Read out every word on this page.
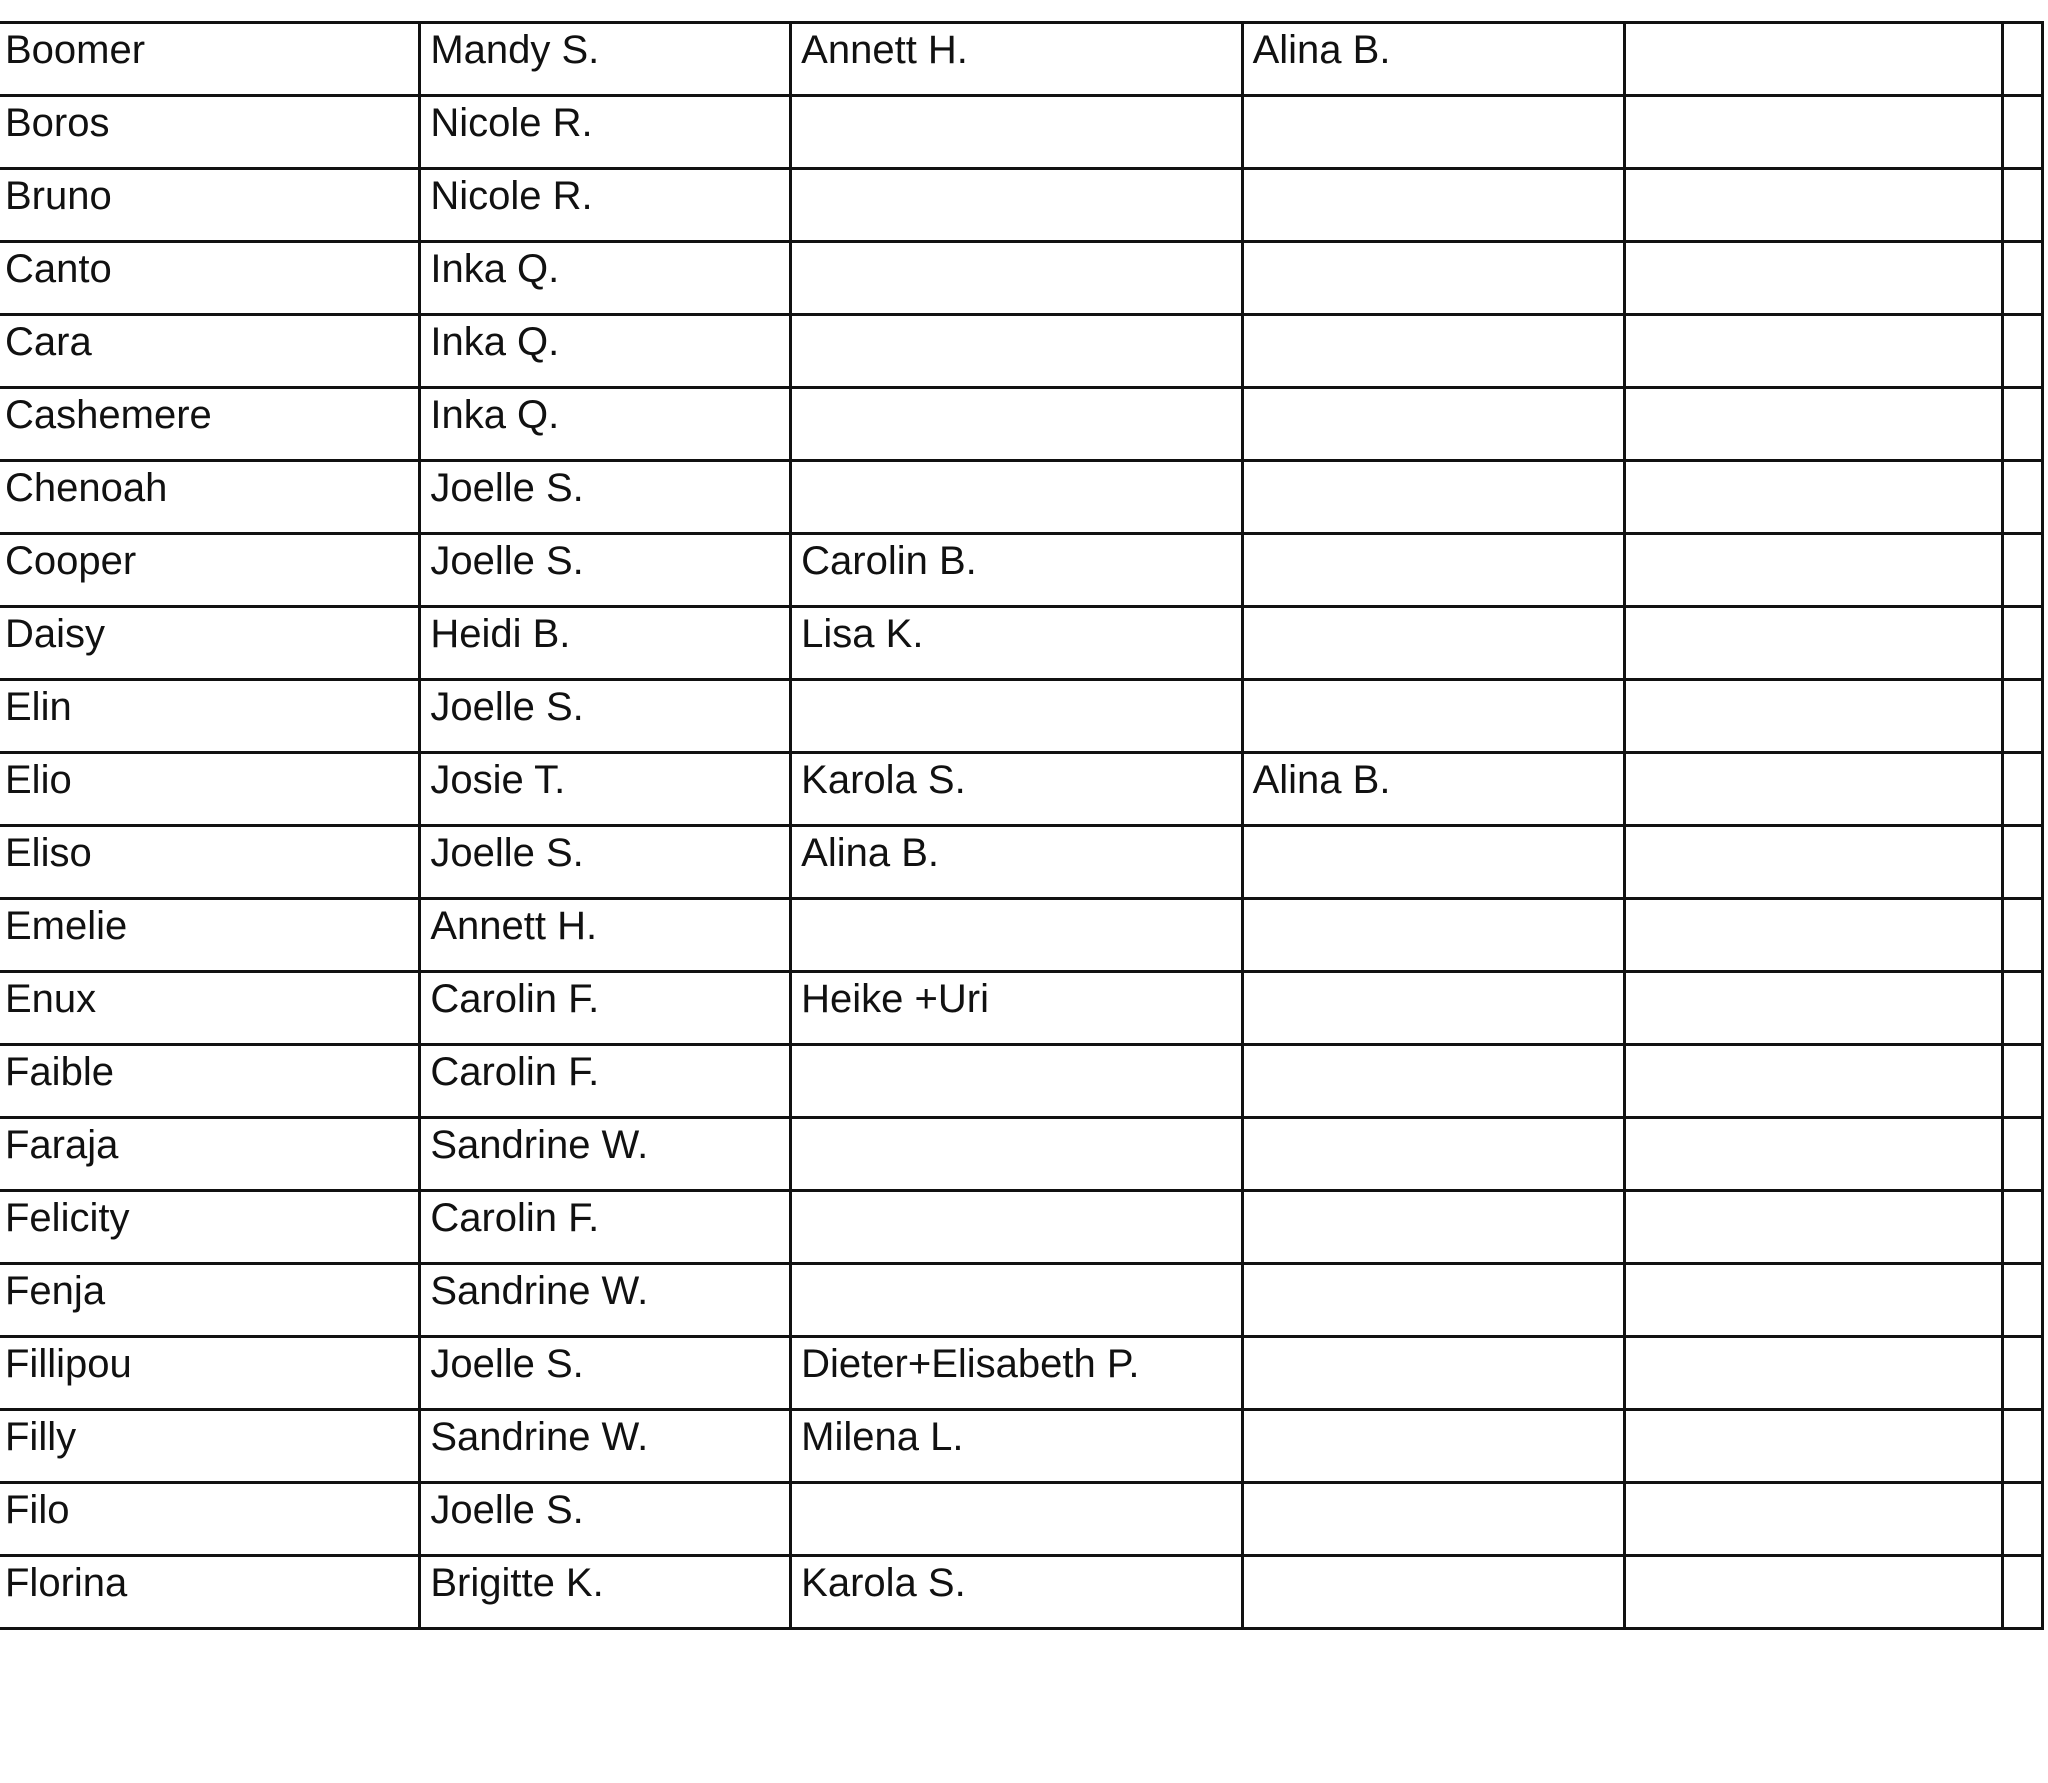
Boomer	Mandy S.	Annett H.	Alina B.		
Boros	Nicole R.				
Bruno	Nicole R.				
Canto	Inka Q.				
Cara	Inka Q.				
Cashemere	Inka Q.				
Chenoah	Joelle S.				
Cooper	Joelle S.	Carolin B.			
Daisy	Heidi B.	Lisa K.			
Elin	Joelle S.				
Elio	Josie T.	Karola S.	Alina B.		
Eliso	Joelle S.	Alina B.			
Emelie	Annett H.				
Enux	Carolin F.	Heike +Uri			
Faible	Carolin F.				
Faraja	Sandrine W.				
Felicity	Carolin F.				
Fenja	Sandrine W.				
Fillipou	Joelle S.	Dieter+Elisabeth P.			
Filly	Sandrine W.	Milena L.			
Filo	Joelle S.				
Florina	Brigitte K.	Karola S.			
